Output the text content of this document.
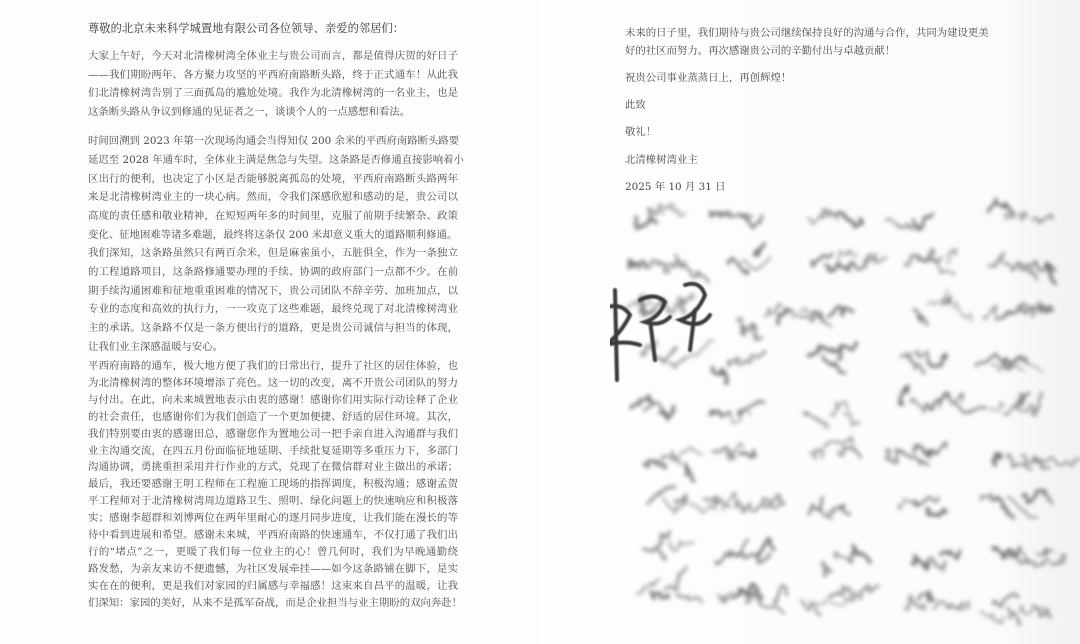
尊敬的北京未来科学城置地有限公司各位领导、亲爱的邻居们：
大家上午好，今天对北清橡树湾全体业主与贵公司而言，都是值得庆贺的好日子
——我们期盼两年、各方聚力攻坚的平西府南路断头路，终于正式通车！从此我
们北清橡树湾告别了三面孤岛的尴尬处境。我作为北清橡树湾的一名业主，也是
这条断头路从争议到修通的见证者之一，谈谈个人的一点感想和看法。
时间回溯到 2023 年第一次现场沟通会当得知仅 200 余米的平西府南路断头路要
延迟至 2028 年通车时，全体业主满是焦急与失望。这条路是否修通直接影响着小
区出行的便利，也决定了小区是否能够脱离孤岛的处境，平西府南路断头路两年
来是北清橡树湾业主的一块心病。然而，令我们深感欣慰和感动的是，贵公司以
高度的责任感和敬业精神，在短短两年多的时间里，克服了前期手续繁杂、政策
变化、征地困难等诸多难题，最终将这条仅 200 米却意义重大的道路顺利修通。
我们深知，这条路虽然只有两百余米，但是麻雀虽小，五脏俱全，作为一条独立
的工程道路项目，这条路修通要办理的手续、协调的政府部门一点都不少。在前
期手续沟通困难和征地重重困难的情况下，贵公司团队不辞辛劳、加班加点，以
专业的态度和高效的执行力，一一攻克了这些难题，最终兑现了对北清橡树湾业
主的承诺。这条路不仅是一条方便出行的道路，更是贵公司诚信与担当的体现，
让我们业主深感温暖与安心。
平西府南路的通车，极大地方便了我们的日常出行，提升了社区的居住体验，也
为北清橡树湾的整体环境增添了亮色。这一切的改变，离不开贵公司团队的努力
与付出。在此，向未来城置地表示由衷的感谢！感谢你们用实际行动诠释了企业
的社会责任，也感谢你们为我们创造了一个更加便捷、舒适的居住环境。其次，
我们特别要由衷的感谢田总，感谢您作为置地公司一把手亲自进入沟通群与我们
业主沟通交流，在四五月份面临征地延期、手续批复延期等多重压力下，多部门
沟通协调，勇挑重担采用并行作业的方式，兑现了在微信群对业主做出的承诺；
最后，我还要感谢王明工程师在工程施工现场的指挥调度，积极沟通；感谢孟贺
平工程师对于北清橡树湾周边道路卫生、照明、绿化问题上的快速响应和积极落
实；感谢李超群和刘博两位在两年里耐心的逐月同步进度，让我们能在漫长的等
待中看到进展和希望。感谢未来城，平西府南路的快速通车，不仅打通了我们出
行的“堵点”之一，更暖了我们每一位业主的心！曾几何时，我们为早晚通勤绕
路发愁，为亲友来访不便遗憾，为社区发展牵挂——如今这条路铺在脚下，是实
实在在的便利，更是我们对家园的归属感与幸福感！这束来自昌平的温暖，让我
们深知：家园的美好，从来不是孤军奋战，而是企业担当与业主期盼的双向奔赴！
未来的日子里，我们期待与贵公司继续保持良好的沟通与合作，共同为建设更美
好的社区而努力。再次感谢贵公司的辛勤付出与卓越贡献！
祝贵公司事业蒸蒸日上，再创辉煌！
此致
敬礼！
北清橡树湾业主
2025 年 10 月 31 日
